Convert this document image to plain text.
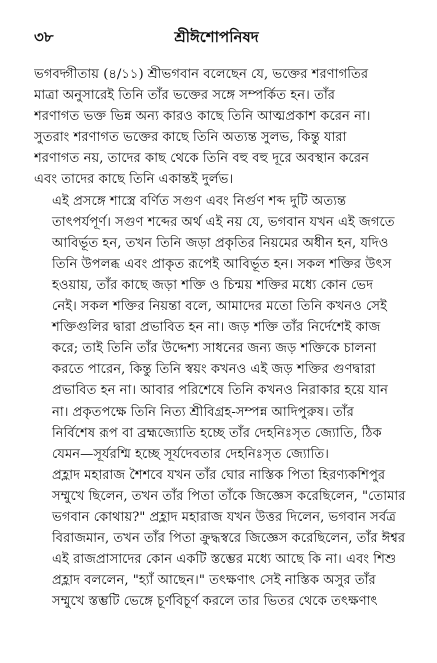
৩৮	শ্রীঈশোপনিষদ

ভগবদ্গীতায় (৪/১১) শ্রীভগবান বলেছেন যে, ভক্তের শরণাগতির
মাত্রা অনুসারেই তিনি তাঁর ভক্তের সঙ্গে সম্পর্কিত হন। তাঁর
শরণাগত ভক্ত ভিন্ন অন্য কারও কাছে তিনি আত্মপ্রকাশ করেন না।
সুতরাং শরণাগত ভক্তের কাছে তিনি অত্যন্ত সুলভ, কিন্তু যারা
শরণাগত নয়, তাদের কাছ থেকে তিনি বহু বহু দূরে অবস্থান করেন
এবং তাদের কাছে তিনি একান্তই দুর্লভ।

এই প্রসঙ্গে শাস্ত্রে বর্ণিত সগুণ এবং নির্গুণ শব্দ দুটি অত্যন্ত
তাৎপর্যপূর্ণ। সগুণ শব্দের অর্থ এই নয় যে, ভগবান যখন এই জগতে
আবির্ভূত হন, তখন তিনি জড়া প্রকৃতির নিয়মের অধীন হন, যদিও
তিনি উপলব্ধ এবং প্রাকৃত রূপেই আবির্ভূত হন। সকল শক্তির উৎস
হওয়ায়, তাঁর কাছে জড়া শক্তি ও চিন্ময় শক্তির মধ্যে কোন ভেদ
নেই। সকল শক্তির নিয়ন্তা বলে, আমাদের মতো তিনি কখনও সেই
শক্তিগুলির দ্বারা প্রভাবিত হন না। জড় শক্তি তাঁর নির্দেশেই কাজ
করে; তাই তিনি তাঁর উদ্দেশ্য সাধনের জন্য জড় শক্তিকে চালনা
করতে পারেন, কিন্তু তিনি স্বয়ং কখনও এই জড় শক্তির গুণদ্বারা
প্রভাবিত হন না। আবার পরিশেষে তিনি কখনও নিরাকার হয়ে যান
না। প্রকৃতপক্ষে তিনি নিত্য শ্রীবিগ্রহ-সম্পন্ন আদিপুরুষ। তাঁর
নির্বিশেষ রূপ বা ব্রহ্মজ্যোতি হচ্ছে তাঁর দেহনিঃসৃত জ্যোতি, ঠিক
যেমন—সূর্যরশ্মি হচ্ছে সূর্যদেবতার দেহনিঃসৃত জ্যোতি।

প্রহ্লাদ মহারাজ শৈশবে যখন তাঁর ঘোর নাস্তিক পিতা হিরণ্যকশিপুর
সম্মুখে ছিলেন, তখন তাঁর পিতা তাঁকে জিজ্ঞেস করেছিলেন, "তোমার
ভগবান কোথায়?" প্রহ্লাদ মহারাজ যখন উত্তর দিলেন, ভগবান সর্বত্র
বিরাজমান, তখন তাঁর পিতা ক্রুদ্ধস্বরে জিজ্ঞেস করেছিলেন, তাঁর ঈশ্বর
এই রাজপ্রাসাদের কোন একটি স্তম্ভের মধ্যে আছে কি না। এবং শিশু
প্রহ্লাদ বললেন, "হ্যাঁ আছেন।" তৎক্ষণাৎ সেই নাস্তিক অসুর তাঁর
সম্মুখে স্তম্ভটি ভেঙ্গে চূর্ণবিচূর্ণ করলে তার ভিতর থেকে তৎক্ষণাৎ
